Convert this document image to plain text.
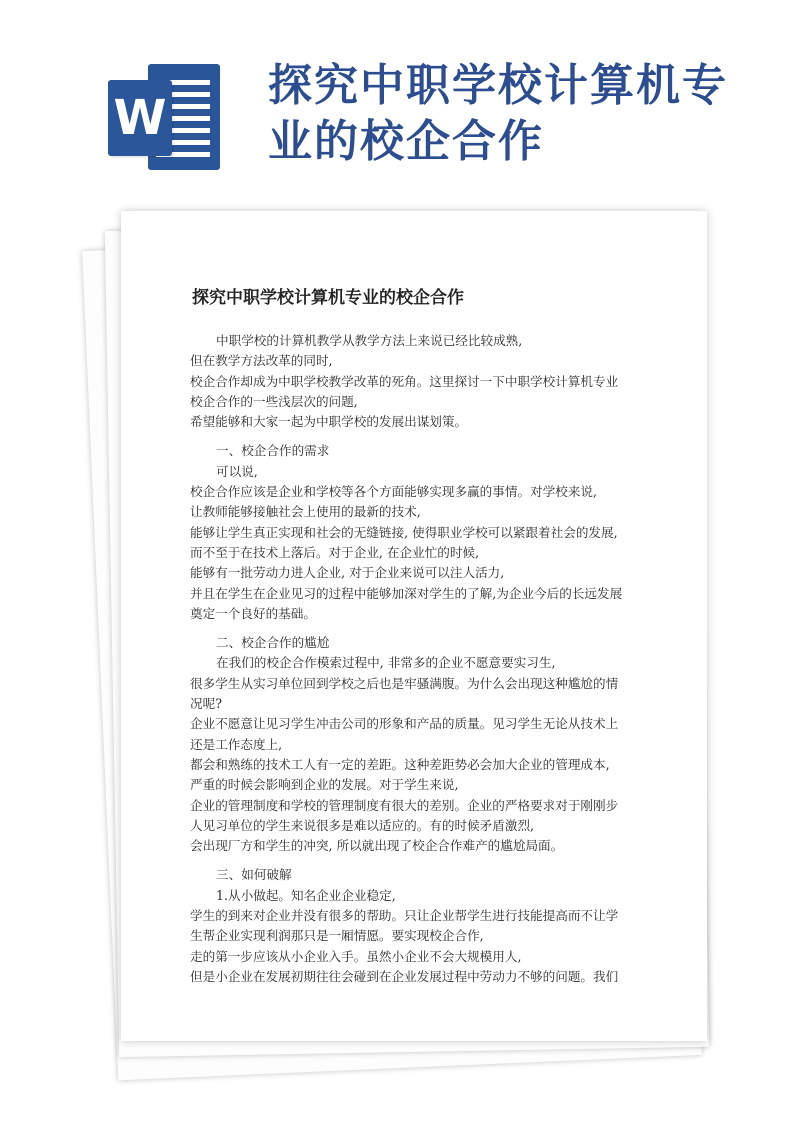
W
探究中职学校计算机专
业的校企合作
探究中职学校计算机专业的校企合作

中职学校的计算机教学从教学方法上来说已经比较成熟,

但在教学方法改革的同时,

校企合作却成为中职学校教学改革的死角。这里探讨一下中职学校计算机专业

校企合作的一些浅层次的问题,

希望能够和大家一起为中职学校的发展出谋划策。

一、校企合作的需求

可以说,

校企合作应该是企业和学校等各个方面能够实现多赢的事情。对学校来说,

让教师能够接触社会上使用的最新的技术,

能够让学生真正实现和社会的无缝链接, 使得职业学校可以紧跟着社会的发展,

而不至于在技术上落后。对于企业, 在企业忙的时候,

能够有一批劳动力进人企业, 对于企业来说可以注人活力,

并且在学生在企业见习的过程中能够加深对学生的了解,为企业今后的长远发展

奠定一个良好的基础。

二、校企合作的尴尬

在我们的校企合作模索过程中, 非常多的企业不愿意要实习生,

很多学生从实习单位回到学校之后也是牢骚满腹。为什么会出现这种尴尬的情

况呢?

企业不愿意让见习学生冲击公司的形象和产品的质量。见习学生无论从技术上

还是工作态度上,

都会和熟练的技术工人有一定的差距。这种差距势必会加大企业的管理成本,

严重的时候会影响到企业的发展。对于学生来说,

企业的管理制度和学校的管理制度有很大的差别。企业的严格要求对于刚刚步

人见习单位的学生来说很多是难以适应的。有的时候矛盾激烈,

会出现厂方和学生的冲突, 所以就出现了校企合作难产的尴尬局面。

三、如何破解

1.从小做起。知名企业企业稳定,

学生的到来对企业并没有很多的帮助。只让企业帮学生进行技能提高而不让学

生帮企业实现利润那只是一厢情愿。要实现校企合作,

走的第一步应该从小企业入手。虽然小企业不会大规模用人,

但是小企业在发展初期往往会碰到在企业发展过程中劳动力不够的问题。我们
